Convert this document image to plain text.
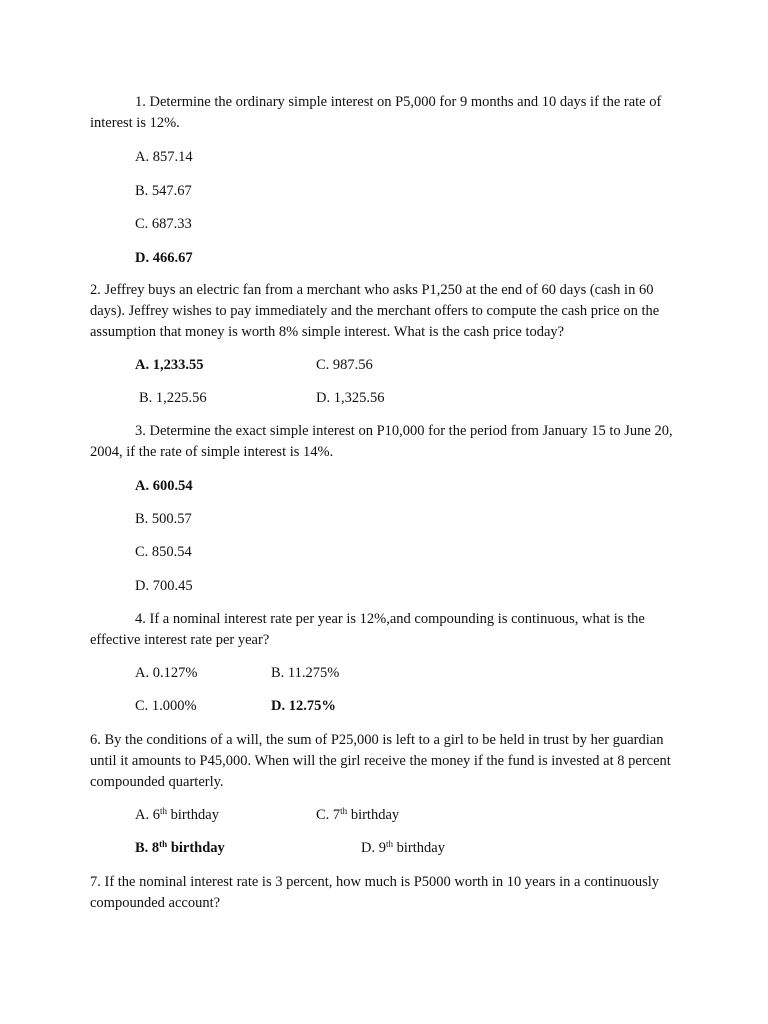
1. Determine the ordinary simple interest on P5,000 for 9 months and 10 days if the rate of interest is 12%.
A. 857.14
B. 547.67
C. 687.33
D. 466.67
2. Jeffrey buys an electric fan from a merchant who asks P1,250 at the end of 60 days (cash in 60 days). Jeffrey wishes to pay immediately and the merchant offers to compute the cash price on the assumption that money is worth 8% simple interest. What is the cash price today?
A. 1,233.55	C. 987.56
B. 1,225.56	D. 1,325.56
3. Determine the exact simple interest on P10,000 for the period from January 15 to June 20, 2004, if the rate of simple interest is 14%.
A. 600.54
B. 500.57
C. 850.54
D. 700.45
4. If a nominal interest rate per year is 12%,and compounding is continuous, what is the effective interest rate per year?
A. 0.127%	B. 11.275%
C. 1.000%	D. 12.75%
6. By the conditions of a will, the sum of P25,000 is left to a girl to be held in trust by her guardian until it amounts to P45,000. When will the girl receive the money if the fund is invested at 8 percent compounded quarterly.
A. 6th birthday	C. 7th birthday
B. 8th birthday	D. 9th birthday
7. If the nominal interest rate is 3 percent, how much is P5000 worth in 10 years in a continuously compounded account?
